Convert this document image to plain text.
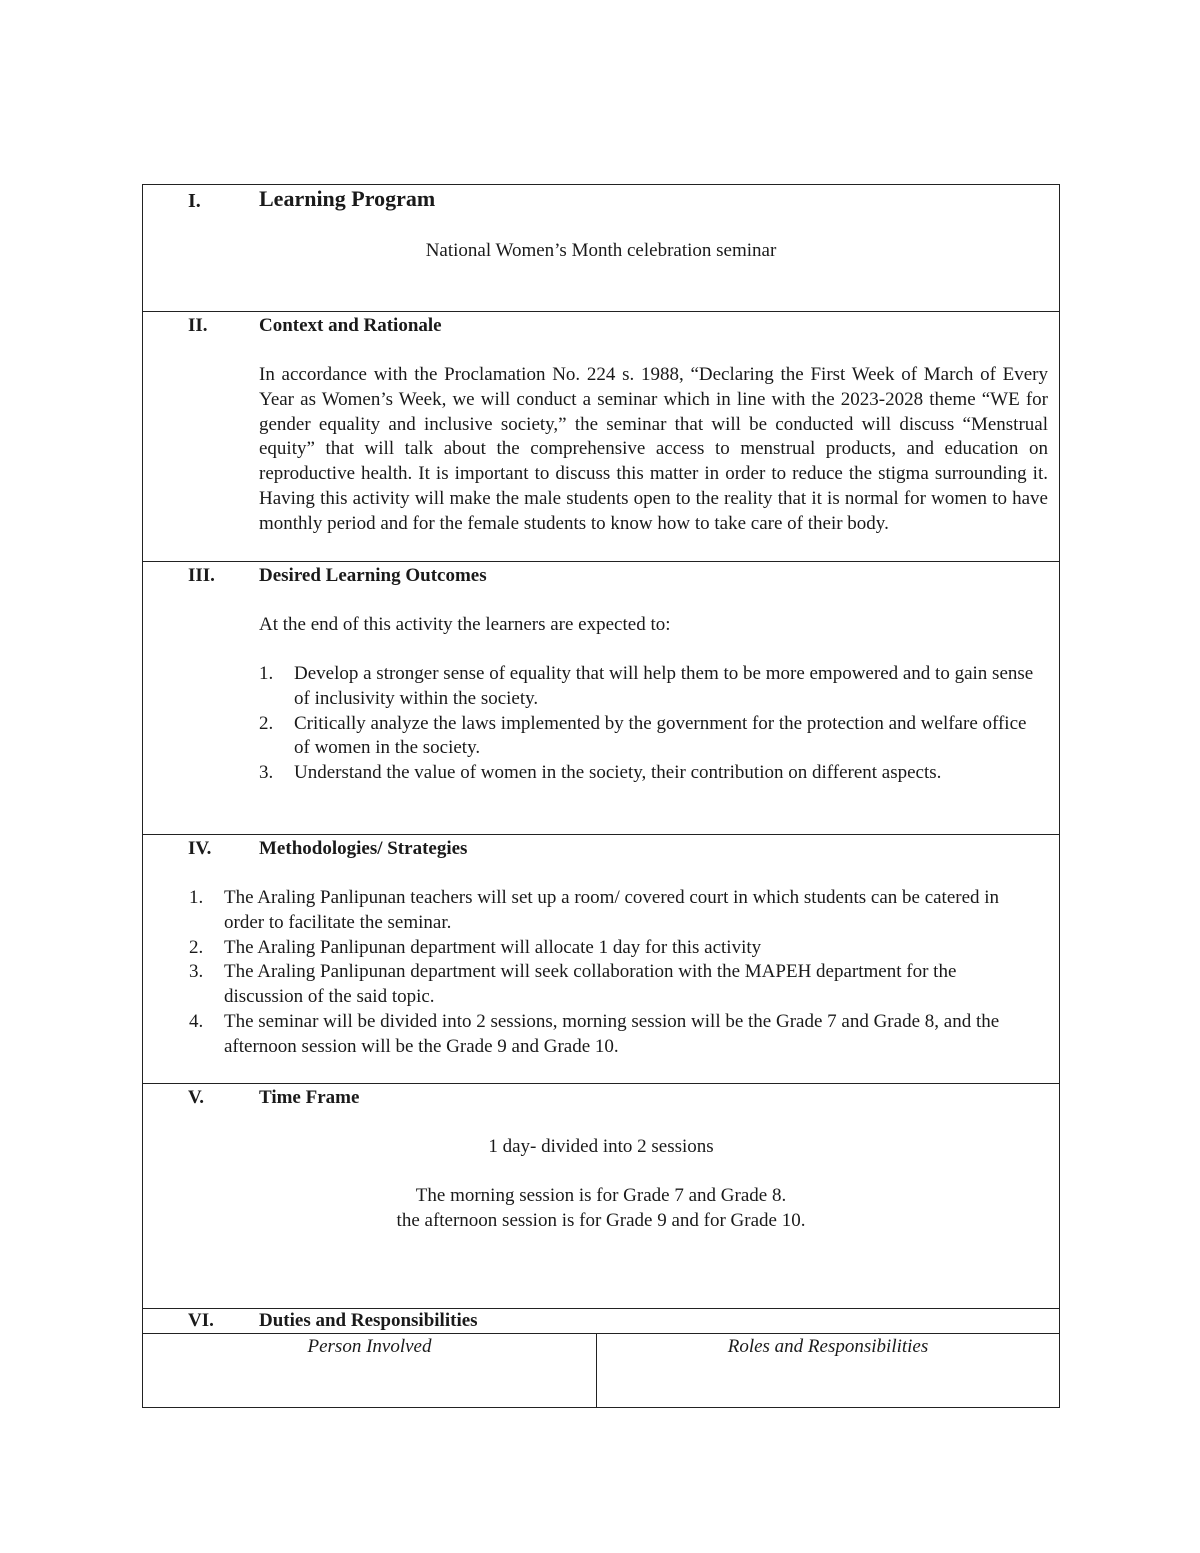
I.	Learning Program
National Women’s Month celebration seminar
II.	Context and Rationale
In accordance with the Proclamation No. 224 s. 1988, “Declaring the First Week of March of Every Year as Women’s Week, we will conduct a seminar which in line with the 2023-2028 theme “WE for gender equality and inclusive society,” the seminar that will be conducted will discuss “Menstrual equity” that will talk about the comprehensive access to menstrual products, and education on reproductive health. It is important to discuss this matter in order to reduce the stigma surrounding it. Having this activity will make the male students open to the reality that it is normal for women to have monthly period and for the female students to know how to take care of their body.
III. Desired Learning Outcomes
At the end of this activity the learners are expected to:
1. Develop a stronger sense of equality that will help them to be more empowered and to gain sense of inclusivity within the society.
2. Critically analyze the laws implemented by the government for the protection and welfare office of women in the society.
3. Understand the value of women in the society, their contribution on different aspects.
IV.	Methodologies/ Strategies
1. The Araling Panlipunan teachers will set up a room/ covered court in which students can be catered in order to facilitate the seminar.
2. The Araling Panlipunan department will allocate 1 day for this activity
3. The Araling Panlipunan department will seek collaboration with the MAPEH department for the discussion of the said topic.
4. The seminar will be divided into 2 sessions, morning session will be the Grade 7 and Grade 8, and the afternoon session will be the Grade 9 and Grade 10.
V.	Time Frame
1 day- divided into 2 sessions
The morning session is for Grade 7 and Grade 8.
the afternoon session is for Grade 9 and for Grade 10.
VI. Duties and Responsibilities
Person Involved	Roles and Responsibilities
